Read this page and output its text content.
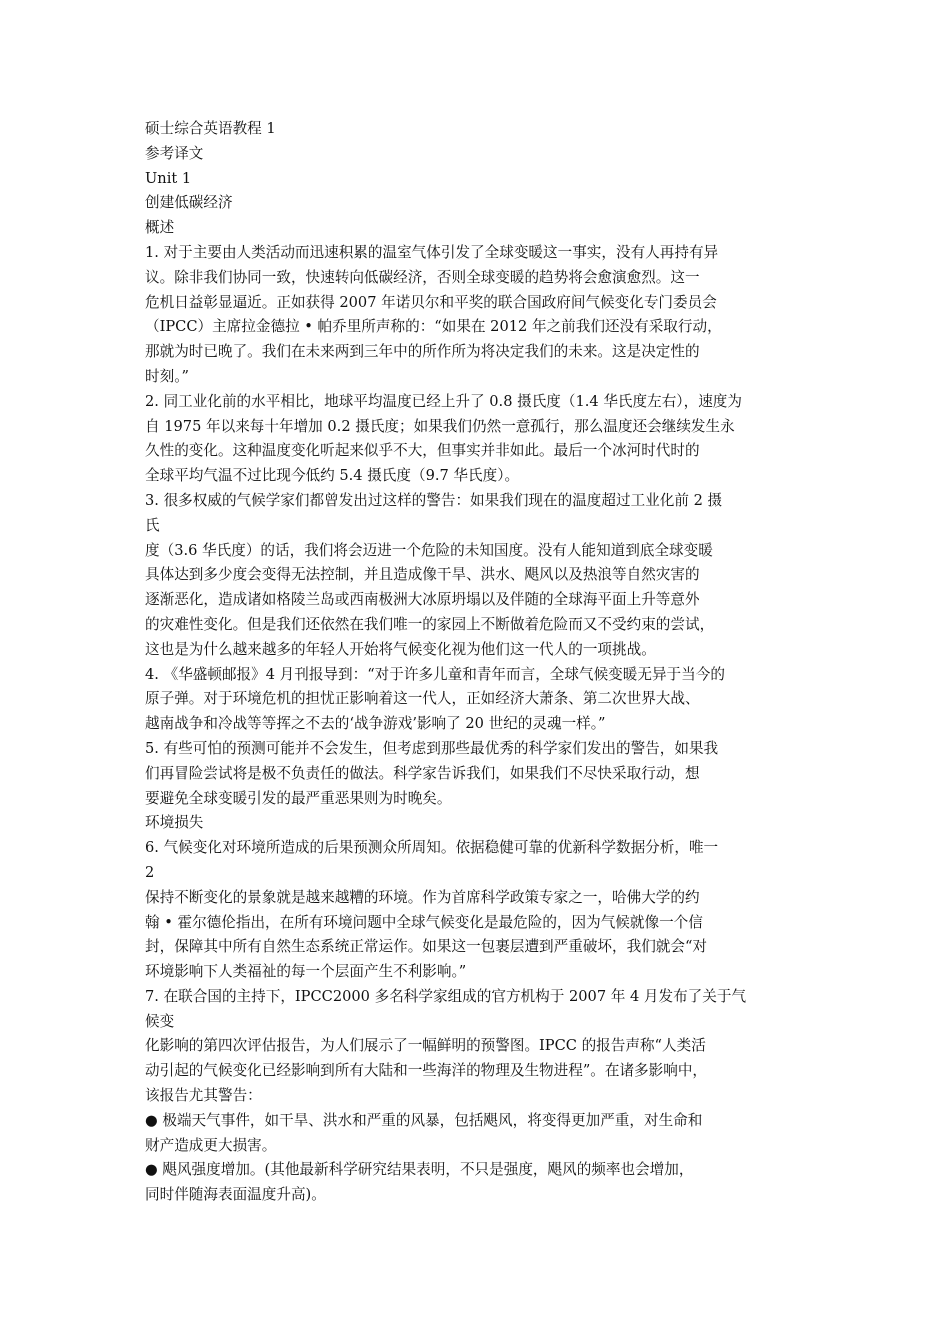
硕士综合英语教程 1
参考译文
Unit 1
创建低碳经济
概述
1. 对于主要由人类活动而迅速积累的温室气体引发了全球变暖这一事实，没有人再持有异
议。除非我们协同一致，快速转向低碳经济，否则全球变暖的趋势将会愈演愈烈。这一
危机日益彰显逼近。正如获得 2007 年诺贝尔和平奖的联合国政府间气候变化专门委员会
（IPCC）主席拉金德拉 • 帕乔里所声称的：“如果在 2012 年之前我们还没有采取行动，
那就为时已晚了。我们在未来两到三年中的所作所为将决定我们的未来。这是决定性的
时刻。”
2. 同工业化前的水平相比，地球平均温度已经上升了 0.8 摄氏度（1.4 华氏度左右），速度为
自 1975 年以来每十年增加 0.2 摄氏度；如果我们仍然一意孤行，那么温度还会继续发生永
久性的变化。这种温度变化听起来似乎不大，但事实并非如此。最后一个冰河时代时的
全球平均气温不过比现今低约 5.4 摄氏度（9.7 华氏度）。
3. 很多权威的气候学家们都曾发出过这样的警告：如果我们现在的温度超过工业化前 2 摄
氏
度（3.6 华氏度）的话，我们将会迈进一个危险的未知国度。没有人能知道到底全球变暖
具体达到多少度会变得无法控制，并且造成像干旱、洪水、飓风以及热浪等自然灾害的
逐渐恶化，造成诸如格陵兰岛或西南极洲大冰原坍塌以及伴随的全球海平面上升等意外
的灾难性变化。但是我们还依然在我们唯一的家园上不断做着危险而又不受约束的尝试，
这也是为什么越来越多的年轻人开始将气候变化视为他们这一代人的一项挑战。
4. 《华盛顿邮报》4 月刊报导到：“对于许多儿童和青年而言，全球气候变暖无异于当今的
原子弹。对于环境危机的担忧正影响着这一代人，正如经济大萧条、第二次世界大战、
越南战争和冷战等等挥之不去的‘战争游戏’影响了 20 世纪的灵魂一样。”
5. 有些可怕的预测可能并不会发生，但考虑到那些最优秀的科学家们发出的警告，如果我
们再冒险尝试将是极不负责任的做法。科学家告诉我们，如果我们不尽快采取行动，想
要避免全球变暖引发的最严重恶果则为时晚矣。
环境损失
6. 气候变化对环境所造成的后果预测众所周知。依据稳健可靠的优新科学数据分析，唯一
2
保持不断变化的景象就是越来越糟的环境。作为首席科学政策专家之一，哈佛大学的约
翰 • 霍尔德伦指出，在所有环境问题中全球气候变化是最危险的，因为气候就像一个信
封，保障其中所有自然生态系统正常运作。如果这一包裹层遭到严重破坏，我们就会“对
环境影响下人类福祉的每一个层面产生不利影响。”
7. 在联合国的主持下，IPCC2000 多名科学家组成的官方机构于 2007 年 4 月发布了关于气
候变
化影响的第四次评估报告，为人们展示了一幅鲜明的预警图。IPCC 的报告声称“人类活
动引起的气候变化已经影响到所有大陆和一些海洋的物理及生物进程”。在诸多影响中，
该报告尤其警告：
● 极端天气事件，如干旱、洪水和严重的风暴，包括飓风，将变得更加严重，对生命和
财产造成更大损害。
● 飓风强度增加。(其他最新科学研究结果表明，不只是强度，飓风的频率也会增加，
同时伴随海表面温度升高)。
